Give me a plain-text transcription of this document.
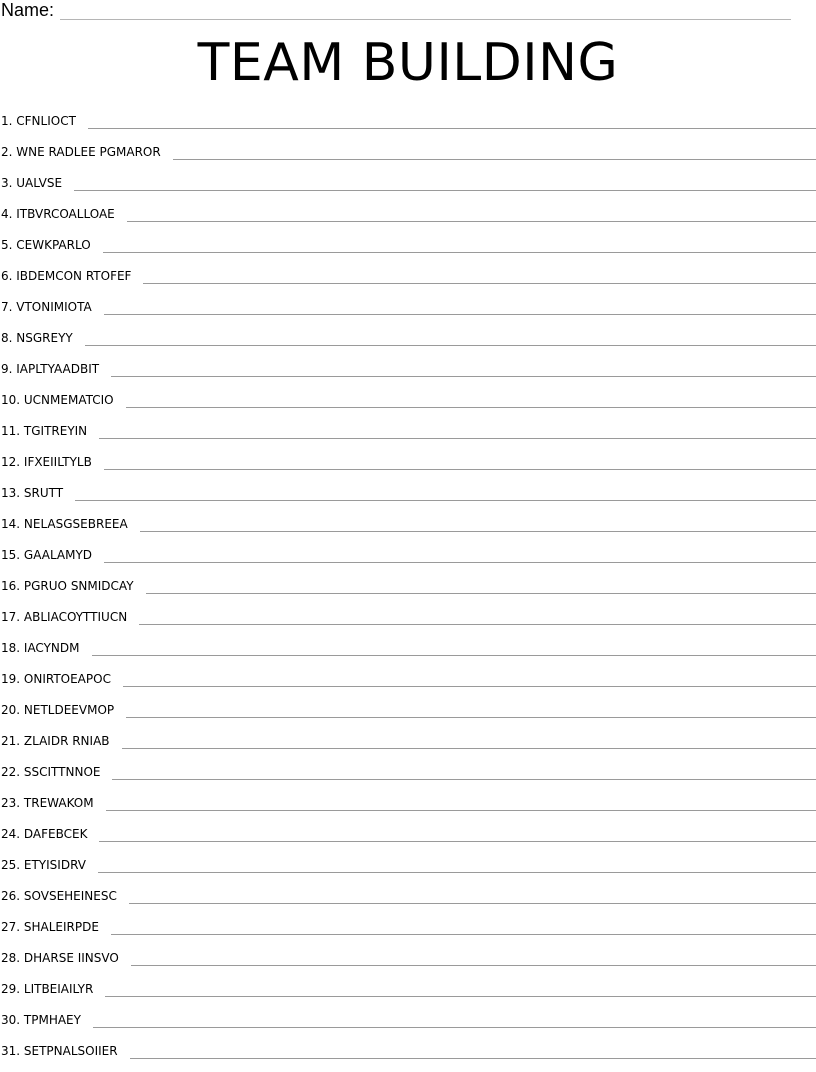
Name:
TEAM BUILDING
1. CFNLIOCT
2. WNE RADLEE PGMAROR
3. UALVSE
4. ITBVRCOALLOAE
5. CEWKPARLO
6. IBDEMCON RTOFEF
7. VTONIMIOTA
8. NSGREYY
9. IAPLTYAADBIT
10. UCNMEMATCIO
11. TGITREYIN
12. IFXEIILTYLB
13. SRUTT
14. NELASGSEBREEA
15. GAALAMYD
16. PGRUO SNMIDCAY
17. ABLIACOYTTIUCN
18. IACYNDM
19. ONIRTOEAPOC
20. NETLDEEVMOP
21. ZLAIDR RNIAB
22. SSCITTNNOE
23. TREWAKOM
24. DAFEBCEK
25. ETYISIDRV
26. SOVSEHEINESC
27. SHALEIRPDE
28. DHARSE IINSVO
29. LITBEIAILYR
30. TPMHAEY
31. SETPNALSOIIER
